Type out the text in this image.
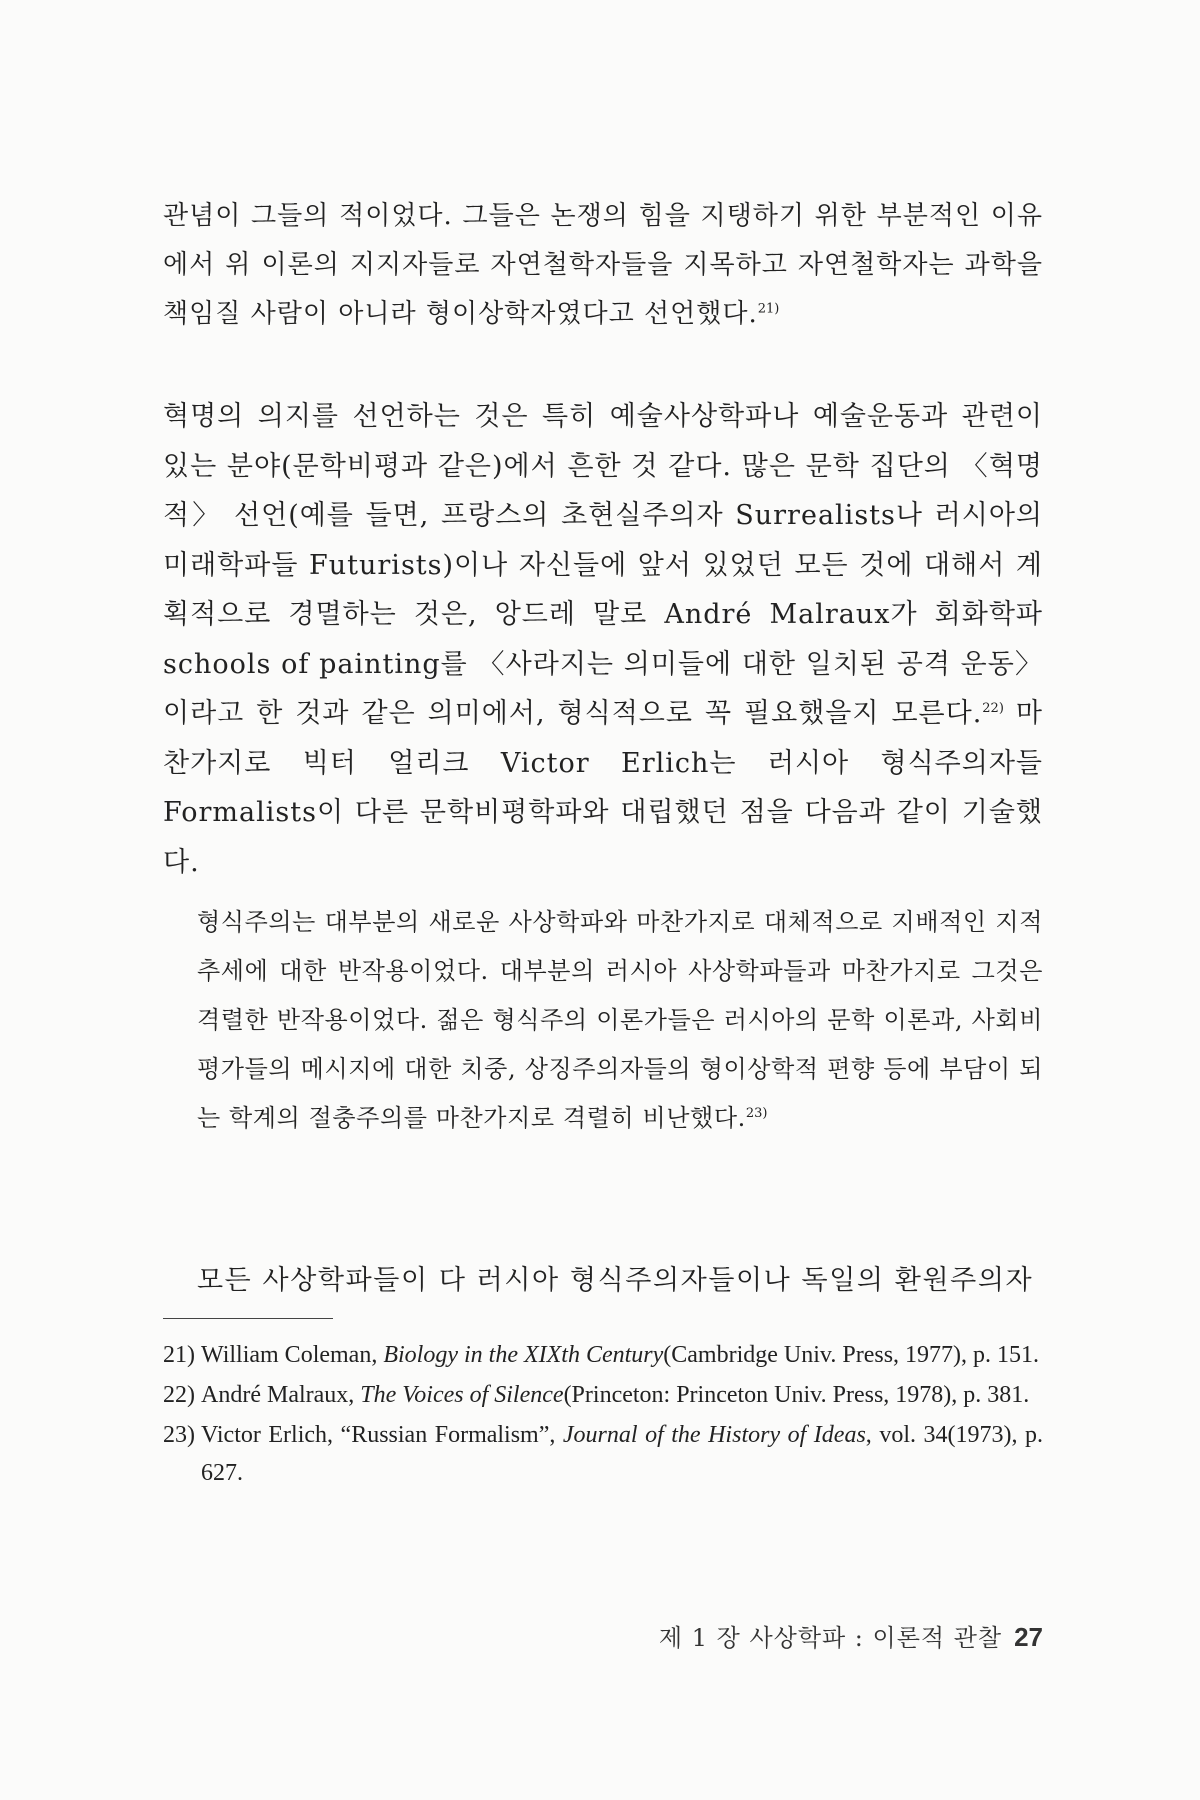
관념이 그들의 적이었다. 그들은 논쟁의 힘을 지탱하기 위한 부분적인 이유에서 위 이론의 지지자들로 자연철학자들을 지목하고 자연철학자는 과학을 책임질 사람이 아니라 형이상학자였다고 선언했다.$^{21)}$

혁명의 의지를 선언하는 것은 특히 예술사상학파나 예술운동과 관련이 있는 분야(문학비평과 같은)에서 흔한 것 같다. 많은 문학 집단의 〈혁명적〉 선언(예를 들면, 프랑스의 초현실주의자 Surrealists나 러시아의 미래학파들 Futurists)이나 자신들에 앞서 있었던 모든 것에 대해서 계획적으로 경멸하는 것은, 앙드레 말로 André Malraux가 회화학파 schools of painting를 〈사라지는 의미들에 대한 일치된 공격 운동〉이라고 한 것과 같은 의미에서, 형식적으로 꼭 필요했을지 모른다.$^{22)}$ 마찬가지로 빅터 얼리크 Victor Erlich는 러시아 형식주의자들 Formalists이 다른 문학비평학파와 대립했던 점을 다음과 같이 기술했다.

형식주의는 대부분의 새로운 사상학파와 마찬가지로 대체적으로 지배적인 지적 추세에 대한 반작용이었다. 대부분의 러시아 사상학파들과 마찬가지로 그것은 격렬한 반작용이었다. 젊은 형식주의 이론가들은 러시아의 문학 이론과, 사회비평가들의 메시지에 대한 치중, 상징주의자들의 형이상학적 편향 등에 부담이 되는 학계의 절충주의를 마찬가지로 격렬히 비난했다.$^{23)}$

모든 사상학파들이 다 러시아 형식주의자들이나 독일의 환원주의자

21) William Coleman, Biology in the XIXth Century(Cambridge Univ. Press, 1977), p. 151.

22) André Malraux, The Voices of Silence(Princeton: Princeton Univ. Press, 1978), p. 381.

23) Victor Erlich, “Russian Formalism”, Journal of the History of Ideas, vol. 34(1973), p. 627.

제 1 장 사상학파 : 이론적 관찰 27
